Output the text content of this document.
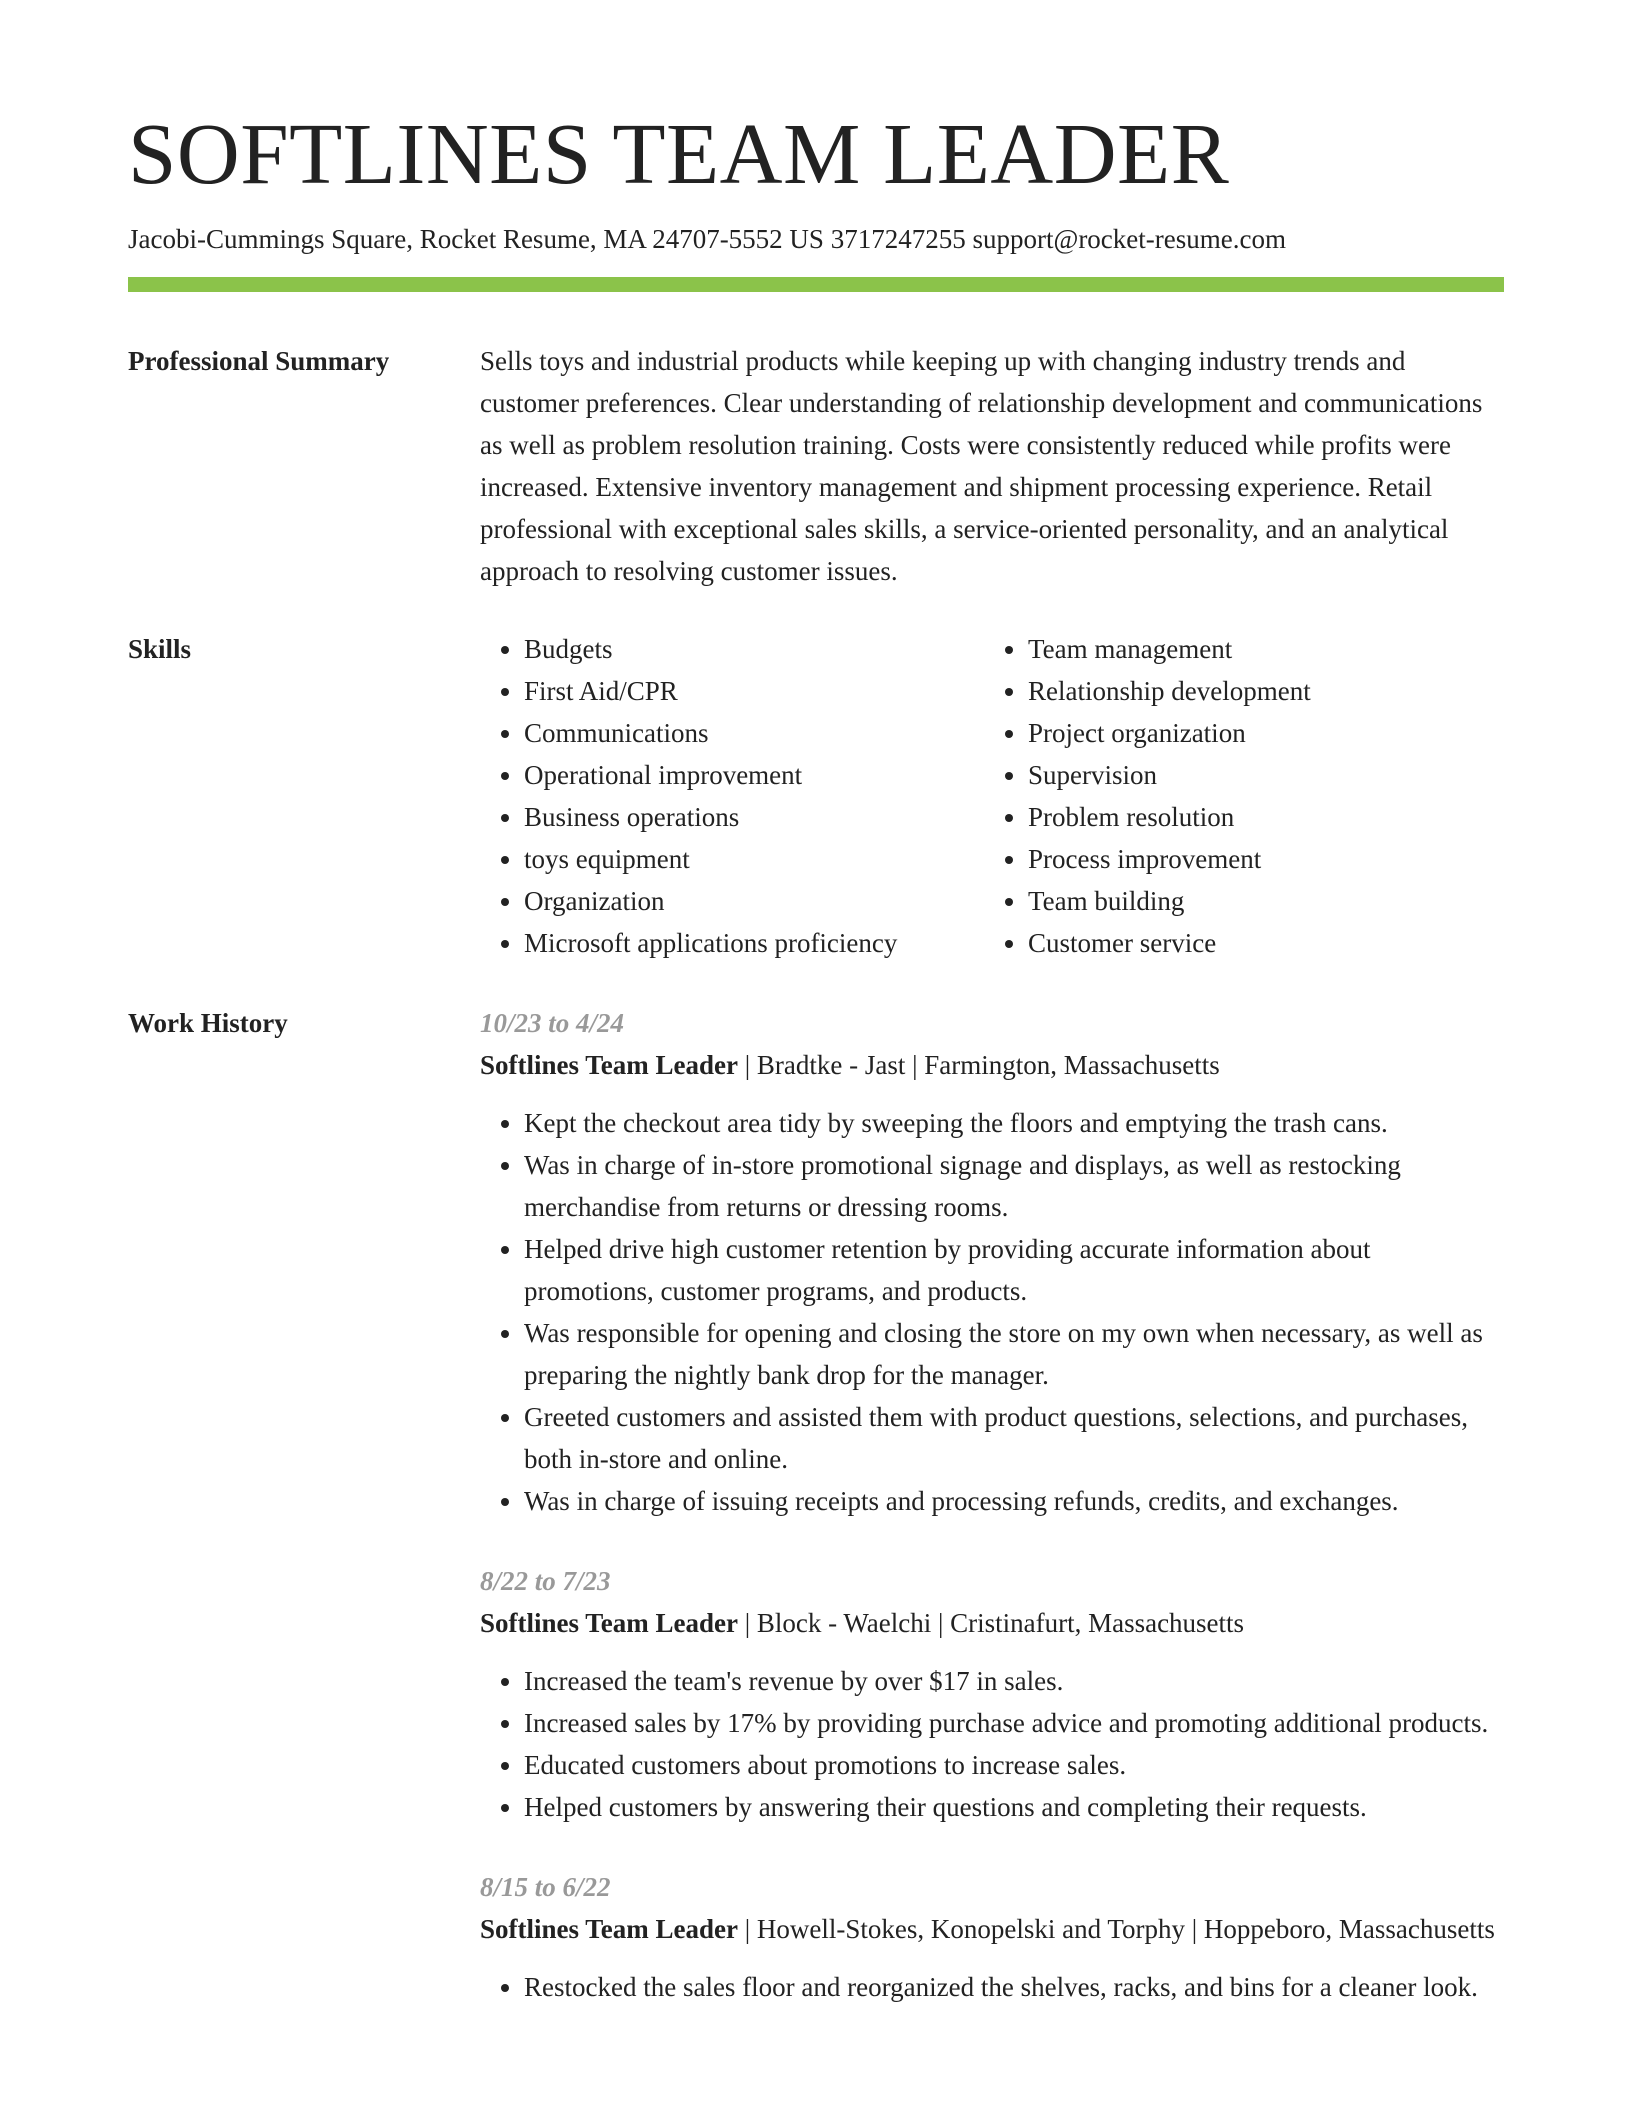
SOFTLINES TEAM LEADER
Jacobi-Cummings Square, Rocket Resume, MA 24707-5552 US 3717247255 support@rocket-resume.com
Professional Summary	Sells toys and industrial products while keeping up with changing industry trends and customer preferences. Clear understanding of relationship development and communications as well as problem resolution training. Costs were consistently reduced while profits were increased. Extensive inventory management and shipment processing experience. Retail professional with exceptional sales skills, a service-oriented personality, and an analytical approach to resolving customer issues.

Skills
•	Budgets
• First Aid/CPR
• Communications
• Operational improvement
• Business operations
• toys equipment
• Organization
• Microsoft applications proficiency
• Team management
• Relationship development
• Project organization
• Supervision
• Problem resolution
• Process improvement
• Team building
• Customer service
Work History	10/23 to 4/24
Softlines Team Leader | Bradtke - Jast | Farmington, Massachusetts
• Kept the checkout area tidy by sweeping the floors and emptying the trash cans.
• Was in charge of in-store promotional signage and displays, as well as restocking merchandise from returns or dressing rooms.
• Helped drive high customer retention by providing accurate information about promotions, customer programs, and products.
• Was responsible for opening and closing the store on my own when necessary, as well as preparing the nightly bank drop for the manager.
• Greeted customers and assisted them with product questions, selections, and purchases, both in-store and online.
• Was in charge of issuing receipts and processing refunds, credits, and exchanges.
8/22 to 7/23
Softlines Team Leader | Block - Waelchi | Cristinafurt, Massachusetts
• Increased the team's revenue by over $17 in sales.
• Increased sales by 17% by providing purchase advice and promoting additional products.
• Educated customers about promotions to increase sales.
• Helped customers by answering their questions and completing their requests.
8/15 to 6/22
Softlines Team Leader | Howell-Stokes, Konopelski and Torphy | Hoppeboro, Massachusetts
• Restocked the sales floor and reorganized the shelves, racks, and bins for a cleaner look.
